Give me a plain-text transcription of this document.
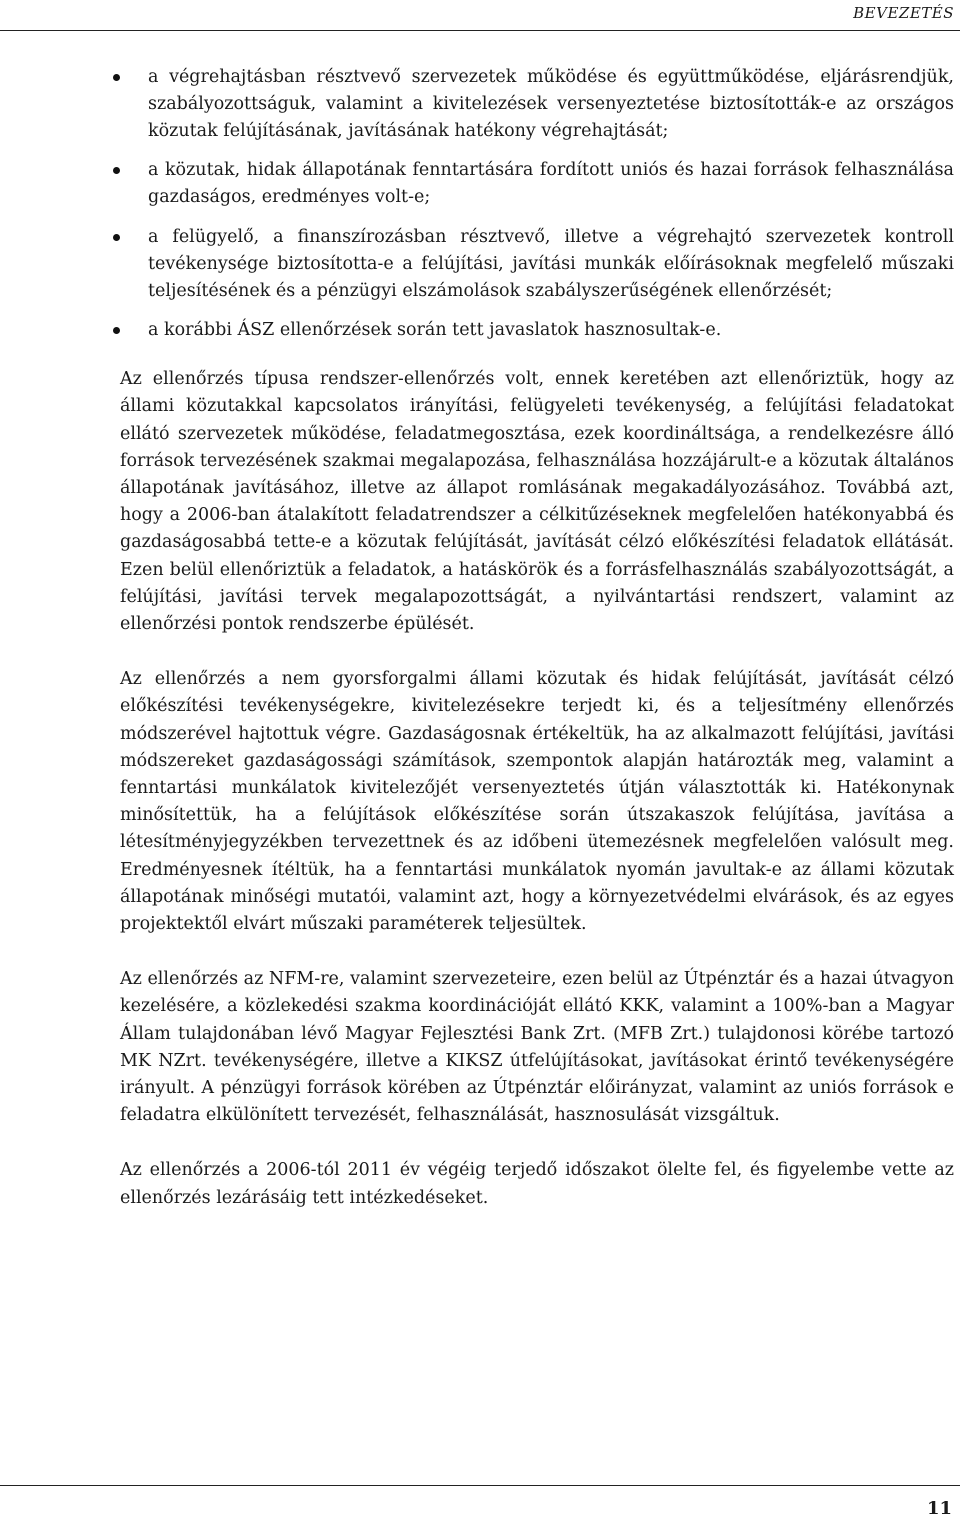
BEVEZETÉS
a végrehajtásban résztvevő szervezetek működése és együttműködése, eljárásrendjük, szabályozottságuk, valamint a kivitelezések versenyeztetése biztosították-e az országos közutak felújításának, javításának hatékony végrehajtását;
a közutak, hidak állapotának fenntartására fordított uniós és hazai források felhasználása gazdaságos, eredményes volt-e;
a felügyelő, a finanszírozásban résztvevő, illetve a végrehajtó szervezetek kontroll tevékenysége biztosította-e a felújítási, javítási munkák előírásoknak megfelelő műszaki teljesítésének és a pénzügyi elszámolások szabályszerűségének ellenőrzését;
a korábbi ÁSZ ellenőrzések során tett javaslatok hasznosultak-e.

Az ellenőrzés típusa rendszer-ellenőrzés volt, ennek keretében azt ellenőriztük, hogy az állami közutakkal kapcsolatos irányítási, felügyeleti tevékenység, a felújítási feladatokat ellátó szervezetek működése, feladatmegosztása, ezek koordináltsága, a rendelkezésre álló források tervezésének szakmai megalapozása, felhasználása hozzájárult-e a közutak általános állapotának javításához, illetve az állapot romlásának megakadályozásához. Továbbá azt, hogy a 2006-ban átalakított feladatrendszer a célkitűzéseknek megfelelően hatékonyabbá és gazdaságosabbá tette-e a közutak felújítását, javítását célzó előkészítési feladatok ellátását. Ezen belül ellenőriztük a feladatok, a hatáskörök és a forrásfelhasználás szabályozottságát, a felújítási, javítási tervek megalapozottságát, a nyilvántartási rendszert, valamint az ellenőrzési pontok rendszerbe épülését.

Az ellenőrzés a nem gyorsforgalmi állami közutak és hidak felújítását, javítását célzó előkészítési tevékenységekre, kivitelezésekre terjedt ki, és a teljesítmény ellenőrzés módszerével hajtottuk végre. Gazdaságosnak értékeltük, ha az alkalmazott felújítási, javítási módszereket gazdaságossági számítások, szempontok alapján határozták meg, valamint a fenntartási munkálatok kivitelezőjét versenyeztetés útján választották ki. Hatékonynak minősítettük, ha a felújítások előkészítése során útszakaszok felújítása, javítása a létesítményjegyzékben tervezettnek és az időbeni ütemezésnek megfelelően valósult meg. Eredményesnek ítéltük, ha a fenntartási munkálatok nyomán javultak-e az állami közutak állapotának minőségi mutatói, valamint azt, hogy a környezetvédelmi elvárások, és az egyes projektektől elvárt műszaki paraméterek teljesültek.

Az ellenőrzés az NFM-re, valamint szervezeteire, ezen belül az Útpénztár és a hazai útvagyon kezelésére, a közlekedési szakma koordinációját ellátó KKK, valamint a 100%-ban a Magyar Állam tulajdonában lévő Magyar Fejlesztési Bank Zrt. (MFB Zrt.) tulajdonosi körébe tartozó MK NZrt. tevékenységére, illetve a KIKSZ útfelújításokat, javításokat érintő tevékenységére irányult. A pénzügyi források körében az Útpénztár előirányzat, valamint az uniós források e feladatra elkülönített tervezését, felhasználását, hasznosulását vizsgáltuk.

Az ellenőrzés a 2006-tól 2011 év végéig terjedő időszakot ölelte fel, és figyelembe vette az ellenőrzés lezárásáig tett intézkedéseket.

11
